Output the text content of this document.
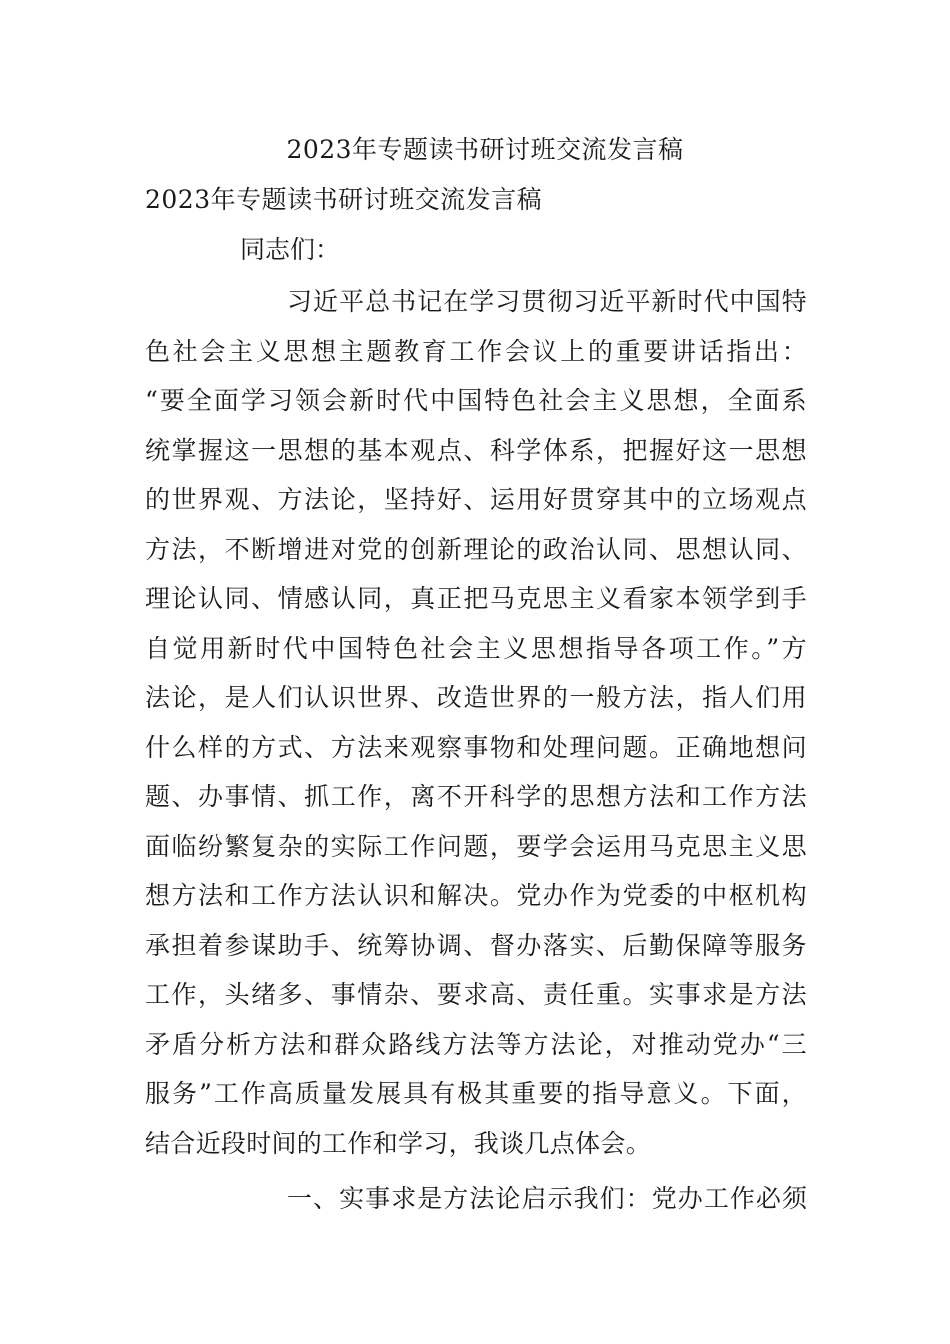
2023年专题读书研讨班交流发言稿
2023年专题读书研讨班交流发言稿
同志们：
习近平总书记在学习贯彻习近平新时代中国特
色社会主义思想主题教育工作会议上的重要讲话指出：
“要全面学习领会新时代中国特色社会主义思想，全面系
统掌握这一思想的基本观点、科学体系，把握好这一思想
的世界观、方法论，坚持好、运用好贯穿其中的立场观点
方法，不断增进对党的创新理论的政治认同、思想认同、
理论认同、情感认同，真正把马克思主义看家本领学到手
自觉用新时代中国特色社会主义思想指导各项工作。”方
法论，是人们认识世界、改造世界的一般方法，指人们用
什么样的方式、方法来观察事物和处理问题。正确地想问
题、办事情、抓工作，离不开科学的思想方法和工作方法
面临纷繁复杂的实际工作问题，要学会运用马克思主义思
想方法和工作方法认识和解决。党办作为党委的中枢机构
承担着参谋助手、统筹协调、督办落实、后勤保障等服务
工作，头绪多、事情杂、要求高、责任重。实事求是方法
矛盾分析方法和群众路线方法等方法论，对推动党办“三
服务”工作高质量发展具有极其重要的指导意义。下面，
结合近段时间的工作和学习，我谈几点体会。
一、实事求是方法论启示我们：党办工作必须
